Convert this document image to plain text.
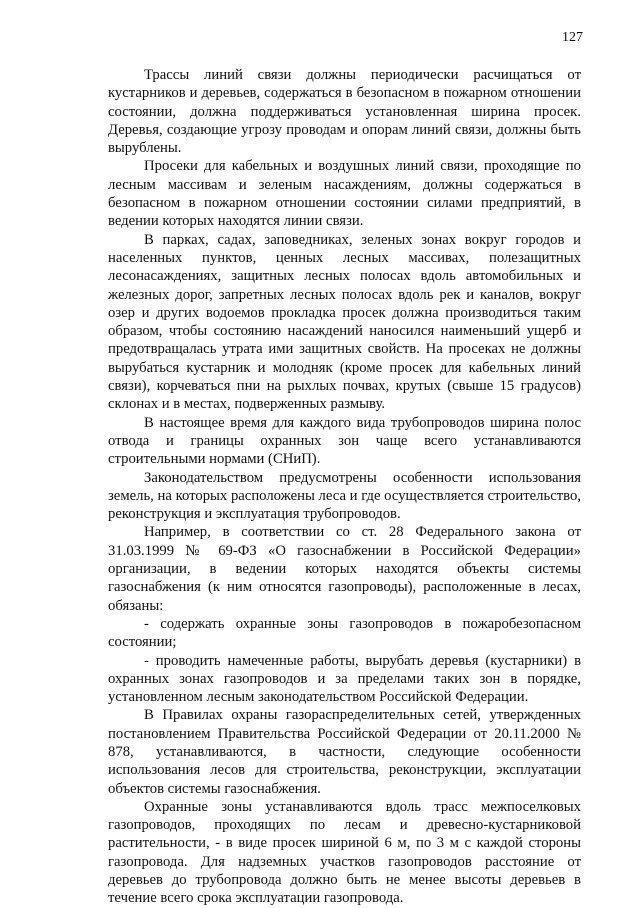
127

Трассы линий связи должны периодически расчищаться от кустарников и деревьев, содержаться в безопасном в пожарном отношении состоянии, должна поддерживаться установленная ширина просек. Деревья, создающие угрозу проводам и опорам линий связи, должны быть вырублены.

Просеки для кабельных и воздушных линий связи, проходящие по лесным массивам и зеленым насаждениям, должны содержаться в безопасном в пожарном отношении состоянии силами предприятий, в ведении которых находятся линии связи.

В парках, садах, заповедниках, зеленых зонах вокруг городов и населенных пунктов, ценных лесных массивах, полезащитных лесонасаждениях, защитных лесных полосах вдоль автомобильных и железных дорог, запретных лесных полосах вдоль рек и каналов, вокруг озер и других водоемов прокладка просек должна производиться таким образом, чтобы состоянию насаждений наносился наименьший ущерб и предотвращалась утрата ими защитных свойств. На просеках не должны вырубаться кустарник и молодняк (кроме просек для кабельных линий связи), корчеваться пни на рыхлых почвах, крутых (свыше 15 градусов) склонах и в местах, подверженных размыву.

В настоящее время для каждого вида трубопроводов ширина полос отвода и границы охранных зон чаще всего устанавливаются строительными нормами (СНиП).

Законодательством предусмотрены особенности использования земель, на которых расположены леса и где осуществляется строительство, реконструкция и эксплуатация трубопроводов.

Например, в соответствии со ст. 28 Федерального закона от 31.03.1999 № 69-ФЗ «О газоснабжении в Российской Федерации» организации, в ведении которых находятся объекты системы газоснабжения (к ним относятся газопроводы), расположенные в лесах, обязаны:

- содержать охранные зоны газопроводов в пожаробезопасном состоянии;

- проводить намеченные работы, вырубать деревья (кустарники) в охранных зонах газопроводов и за пределами таких зон в порядке, установленном лесным законодательством Российской Федерации.

В Правилах охраны газораспределительных сетей, утвержденных постановлением Правительства Российской Федерации от 20.11.2000 № 878, устанавливаются, в частности, следующие особенности использования лесов для строительства, реконструкции, эксплуатации объектов системы газоснабжения.

Охранные зоны устанавливаются вдоль трасс межпоселковых газопроводов, проходящих по лесам и древесно-кустарниковой растительности, - в виде просек шириной 6 м, по 3 м с каждой стороны газопровода. Для надземных участков газопроводов расстояние от деревьев до трубопровода должно быть не менее высоты деревьев в течение всего срока эксплуатации газопровода.
